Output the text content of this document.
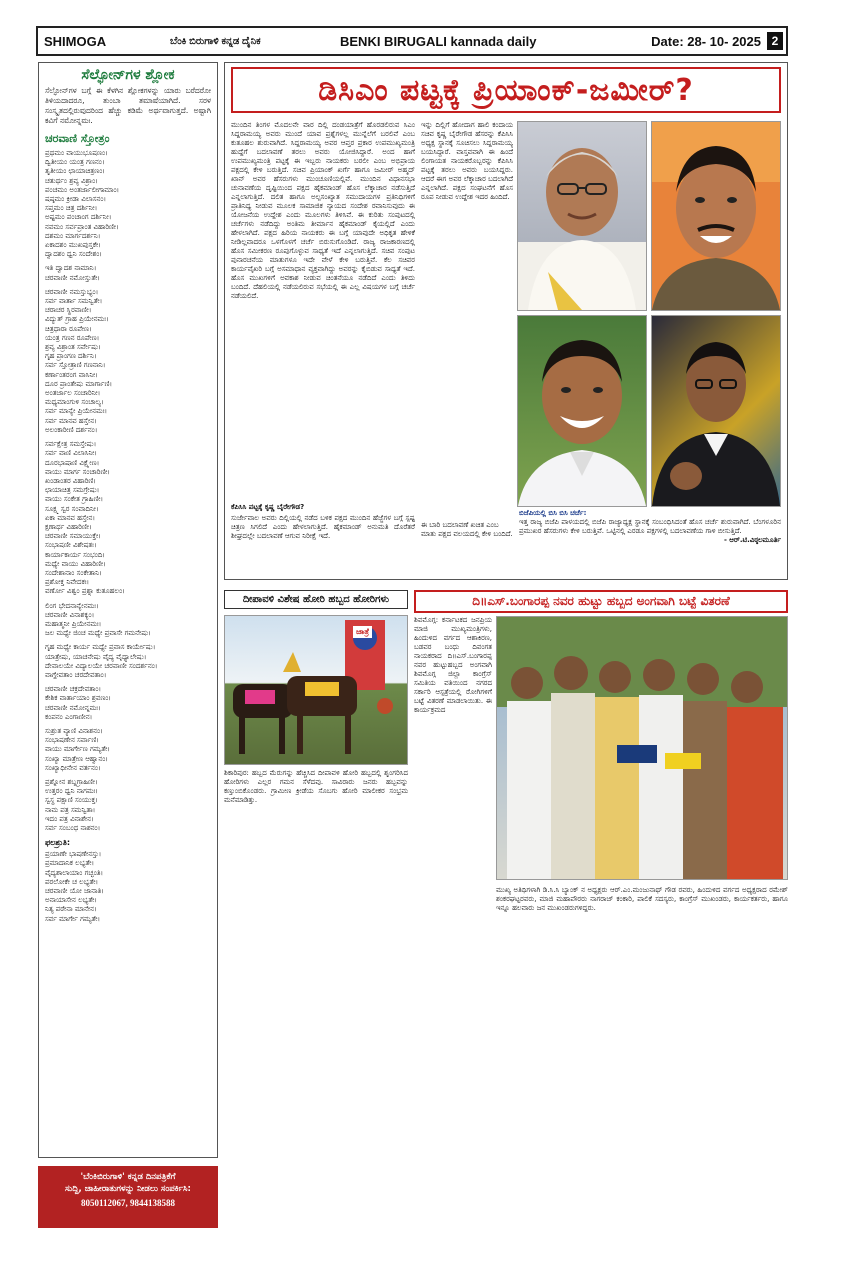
SHIMOGA	ಬೆಂಕಿ ಬಿರುಗಾಳಿ ಕನ್ನಡ ದೈನಿಕ	BENKI BIRUGALI kannada daily	Date: 28- 10- 2025 2
ಸೆಲ್ಫೋನ್‌ಗಳ ಶ್ಲೋಕ
ಸೆಲ್ಫೋನ್‌ಗಳ ಬಗ್ಗೆ ಈ ಕೆಳಗಿನ ಶ್ಲೋಕಗಳನ್ನು ಯಾರು ಬರೆದರೋ ತಿಳಿಯದಾದರೂ, ತುಂಬಾ ತಮಾಷೆಯಾಗಿದೆ. ಸರಳ ಸಂಸ್ಕೃತದಲ್ಲಿರುವುದರಿಂದ ಹೆಚ್ಚು ಕಡಿಮೆ ಅರ್ಥವಾಗುತ್ತದೆ. ಅಷ್ಟಾಗಿ ಕವಿಗೆ ನಮೋನ್ನಮಃ.
ಚರವಾಣಿ ಸ್ತೋತ್ರಂ
ಪ್ರಥಮಂ ವಾಯುಭೂಷಣಂ।
ದ್ವಿತೀಯಂ ಯಂತ್ರ ಗಣನಂ।
ತೃತೀಯಂ ಛಾಯಾಚಿತ್ರಣಂ।
ಚತುರ್ಥಂ ಶ್ರವ್ಯ ವಿಶ್ರಾಂ।
ಪಂಚಮಂ ಅಂತರ್ಜಾಲೀಗಾಮಾಂ।
ಷಷ್ಠಮಂ ಕ್ರೀಡಾ ವಿಲಾಸನಂ।
ಸಪ್ತಮಂ ಚಿತ್ರ ದರ್ಶಿನೀ।
ಅಷ್ಟಮಂ ಪಂಚಾಂಗ ದರ್ಶಿನೀ।
ನವಮಂ ಸರ್ವಪ್ರಾಂತ ವಿಹಾರಿಣೀ।
ದಶಮಂ ಮಾರ್ಗದರ್ಶನಿ।
ಏಕಾದಶಂ ಮುಖಪುಸ್ತಕೇ।
ದ್ವಾದಶಂ ಧ್ವನಿ ಸಂದೇಶಂ।
ಇತಿ ದ್ವಾದಶ ನಾಮಾನಿ।
ಚರವಾಣೀ ನಮೋಸ್ತುತೇ।
ಚರವಾಣೀ ನಮಸ್ತುಭ್ಯಂ।
ಸರ್ವ ವಾರ್ತಾ ಸಮನ್ವಿತೇ।
ಚರಾಚರ ಸ್ಥಿರವಾಣೀ।
ವಿದ್ಯುತ್ ಗ್ರಾಹ ಪ್ರಿಯೇನಮಃ।
ಚಿತ್ರಧಾರಾ ರೂಪೇಣ।
ಯಂತ್ರ ಗಣನ ರೂಪೇಣ।
ಶ್ರವ್ಯ ವಿಶ್ರಾಂತ ಸರ್ವೇಷು।
ಗೃಹ ಪ್ರಾಂಗಣ ದರ್ಶಿನಿ।
ಸರ್ವ ಸ್ತೋತ್ರಾಣಿ ಗಣನಾನಿ।
ಕರ್ಣಾಂತರಂಗ ವಾಸಿನೀ।
ದೂರ ಪ್ರಾಂತೇಷು ಮಾರ್ಗಾಣಿ।
ಅಂತರ್ಜಾಲ ಸಂಚಾರಿನೀ।
ಮಧ್ಯಮಾಂಗುಳಿ ಸಂಚಾಲ್ಯ।
ಸರ್ವ ಮಾನ್ಯೇ ಪ್ರಿಯೇನಮಃ।
ಸರ್ವ ಮಾನವ ಹಸ್ತೇನ।
ಅಲಂಕಾರೀಣಿ ದರ್ಶನಂ।
ಸರ್ವಕ್ಷೇತ್ರ ಸಮಸ್ತೇಷು।
ಸರ್ವ ವಾಣಿ ವಿಲಾಸಿನೀ।
ದೂರಭಾಷಾಣಿ ವಿಕ್ಷ್ಯೇಣ।
ವಾಯು ಮಾರ್ಗ ಸಂಚಾರಿಣೀ।
ಖಂಡಾಂತರ ವಿಹಾರಿಣಿ।
ಛಾಯಾಚಿತ್ರ ಸಮಗ್ರೇಷು।
ವಾಯು ಸಂಕೇತ ಗ್ರಾಹಿಣೀ।
ಸೂಕ್ಷ್ಮ ಸ್ವರ ಸಂವಾದಿನೀ।
ಏಕಾ ಮಾನವ ಹಸ್ತೇನ।
ಕ್ಷಣಾರ್ಥ ವಿಹಾರಿಣೀ।
ಚರವಾಣೀ ಸಮಾಯುಕ್ತೇ।
ಸಂಭಾಷಣೀ ವಿಶೇಷತಃ।
ಕಾರ್ಯಾಕಾರ್ಯ ಸಂಭಂದಿ।
ಮಧ್ಯೇ ವಾಯು ವಿಹಾರಿಣೀ।
ಸಂದೇಶಾನಾಂ ಸಂಕೇತಾನಿ।
ಪ್ರಶೋಕ್ತ ನಿವೇದಕಃ।
ವರ್ಣೋ ವಿಶ್ವಂ ಪ್ರಶ್ನಾ ಕುತೂಹಲಂ।
ಲಿಂಗ ಭೇದನಾನ್ಯೇನಮಃ।
ಚರವಾಣೀ ವಿನಾಶಕ್ಯಂ।
ಮಹಾತ್ಮನೀ ಪ್ರಿಯೇನಮಃ।
ಜಲ ಮಧ್ಯೇ ಜಿಂಚ ಮಧ್ಯೇ ಪ್ರವಾಸೇ ಗಮನೇಷು।
ಗೃಹ ಮಧ್ಯೇ ಕಾರ್ಯ ಮಧ್ಯೇ ಪ್ರವಾಸ ಕಾರ್ಯೇಷು।
ಯಾತ್ರೇಷು, ಯಾಚನೇಷು ವೈದ್ಯ ವೈಧ್ಯಾಲೇಷು।
ದೇವಾಲಯೇ ವಿದ್ಯಾಲಯೇ ಚರವಾಣೀ ಸಂದರ್ಶನಂ।
ವಾಗ್ದೇವತಾಂ ಚರದೇವತಾಂ।
ಚರವಾಣೀ ಚಕ್ರದೇವತಾಂ।
ಕೇಶಿಕ ವಾರ್ತಾಯಾಂ ಶ್ರವಣಂ।
ಚರವಾಣೀ ನಮೋನ್ನಮಃ।
ಕಂಪನಂ ಎಂಗಾಣೀನ।
ಸುಶ್ರುತ ವ್ಯಾಣಿ ವಿನಾಶನಂ।
ಸಂಭಾಷಣೇನ ಸರ್ವಾಣಿ।
ವಾಯು ಮಾರ್ಗೇಣ ಗಮ್ಯತೇ।
ಸಂಖ್ಯಾ ಮಾತ್ರೇಣ ಆಹ್ವಾನಂ।
ಸಂಖ್ಯಾಧೀನೇನ ವರ್ತನಂ।
ಪ್ರಶ್ನೋನ ಶಬ್ದಗ್ರಾಹಿಣೀ।
ಉತ್ತರಂ ಧ್ವನಿ ನಾಗಮಃ।
ಸ್ವಸ್ಥ ಪಕ್ಷಾಣಿ ಸಂಯುಕ್ತ।
ನಾಮ ಪತ್ರ ಸಮನ್ವಿತಾ।
ಇದಂ ಪತ್ರ ವಿನಾಶೇನ।
ಸರ್ವ ಸಂಬಂಧ ನಾಶನಂ।
ಫಲಶ್ರುತಿ:
ಪ್ರಯಾಣೇ ಭಾಷಣೇನಸ್ತು।
ಪ್ರಮಾದಾನಿಕ ಲಭ್ಯತೇ।
ವೈದ್ಯಶಾಲಾಯಾಂ ಗಚ್ಛಂತಿ।
ಪರಲೋಕೇ ಚ ಲಭ್ಯತೇ।
ಚರವಾಣೀ ಯೋ ಜಾನಾತಿ।
ಅನಾಯಾಸೇನ ಲಭ್ಯತೇ।
ನಿತ್ಯ ಪಠೇನಾ ಮಾನೇನ।
ಸರ್ವ ಮಾರ್ಗೇ ಗಮ್ಯತೇ।
'ಬೆಂಕಿಬಿರುಗಾಳಿ' ಕನ್ನಡ ದಿನಪತ್ರಿಕೆಗೆ
ಸುದ್ದಿ, ಜಾಹೀರಾತುಗಳನ್ನು ನೀಡಲು ಸಂಪರ್ಕಿಸಿ:
8050112067, 9844138588
ಡಿಸಿಎಂ ಪಟ್ಟಕ್ಕೆ ಪ್ರಿಯಾಂಕ್-ಜಮೀರ್?
ಮುಂದಿನ ತಿಂಗಳ ಮೊದಲನೇ ವಾರ ದಿಲ್ಲಿ ದಂಡಯಾತ್ರೆಗೆ ಹೊರಡಲಿರುವ ಸಿಎಂ ಸಿದ್ದರಾಮಯ್ಯ ಅವರು ಮುಂದೆ ಯಾವ ಪ್ರಶ್ನೆಗಳಲ್ಲ ಮುನ್ನೆಲೆಗೆ ಬರಲಿವೆ ಎಂಬ ಕುತೂಹಲ ಶುರುವಾಗಿದೆ. ಸಿದ್ದರಾಮಯ್ಯ ಅವರ ಆಪ್ತರ ಪ್ರಕಾರ ಉಪಮುಖ್ಯಮಂತ್ರಿ ಹುದ್ದೆಗೆ ಬದಲಾವಣೆ ತರಲು ಅವರು ಯೋಜಿಸಿದ್ದಾರೆ. ಅಂದ ಹಾಗೆ ಉಪಮುಖ್ಯಮಂತ್ರಿ ಪಟ್ಟಕ್ಕೆ ಈ ಇಬ್ಬರು ನಾಯಕರು ಬರಲೀ ಎಂಬ ಅಭಿಪ್ರಾಯ ಪಕ್ಷದಲ್ಲಿ ಕೇಳಿ ಬರುತ್ತಿದೆ. ಸಚಿವ ಪ್ರಿಯಾಂಕ್ ಖರ್ಗೆ ಹಾಗೂ ಜಮೀರ್ ಅಹ್ಮದ್ ಖಾನ್ ಅವರ ಹೆಸರುಗಳು ಮುಂಚೂಣಿಯಲ್ಲಿವೆ. ಮುಂದಿನ ವಿಧಾನಸಭಾ ಚುನಾವಣೆಯ ದೃಷ್ಟಿಯಿಂದ ಪಕ್ಷದ ಹೈಕಮಾಂಡ್ ಹೊಸ ಲೆಕ್ಕಾಚಾರ ನಡೆಸುತ್ತಿದೆ ಎನ್ನಲಾಗುತ್ತಿದೆ. ದಲಿತ ಹಾಗೂ ಅಲ್ಪಸಂಖ್ಯಾತ ಸಮುದಾಯಗಳ ಪ್ರತಿನಿಧಿಗಳಿಗೆ ಪ್ರಾತಿನಿಧ್ಯ ನೀಡುವ ಮೂಲಕ ಸಾಮಾಜಿಕ ನ್ಯಾಯದ ಸಂದೇಶ ರವಾನಿಸುವುದು ಈ ಯೋಜನೆಯ ಉದ್ದೇಶ ಎಂದು ಮೂಲಗಳು ತಿಳಿಸಿವೆ. ಈ ಕುರಿತು ಸಂಪುಟದಲ್ಲಿ ಚರ್ಚೆಗಳು ನಡೆದಿದ್ದು ಅಂತಿಮ ತೀರ್ಮಾನ ಹೈಕಮಾಂಡ್ ಕೈಯಲ್ಲಿದೆ ಎಂದು ಹೇಳಲಾಗಿದೆ. ಪಕ್ಷದ ಹಿರಿಯ ನಾಯಕರು ಈ ಬಗ್ಗೆ ಯಾವುದೇ ಅಧಿಕೃತ ಹೇಳಿಕೆ ನೀಡಿಲ್ಲವಾದರೂ ಒಳಗೊಳಗೆ ಚರ್ಚೆ ಬಿರುಸುಗೊಂಡಿದೆ. ರಾಜ್ಯ ರಾಜಕಾರಣದಲ್ಲಿ ಹೊಸ ಸಮೀಕರಣ ರೂಪುಗೊಳ್ಳುವ ಸಾಧ್ಯತೆ ಇದೆ ಎನ್ನಲಾಗುತ್ತಿದೆ. ಸಚಿವ ಸಂಪುಟ ಪುನಾರಚನೆಯ ಮಾತುಗಳೂ ಇದೇ ವೇಳೆ ಕೇಳಿ ಬರುತ್ತಿವೆ. ಕೆಲ ಸಚಿವರ ಕಾರ್ಯವೈಖರಿ ಬಗ್ಗೆ ಅಸಮಾಧಾನ ವ್ಯಕ್ತವಾಗಿದ್ದು ಅವರನ್ನು ಕೈಬಿಡುವ ಸಾಧ್ಯತೆ ಇದೆ. ಹೊಸ ಮುಖಗಳಿಗೆ ಅವಕಾಶ ನೀಡುವ ಚಿಂತನೆಯೂ ನಡೆದಿದೆ ಎಂದು ತಿಳಿದು ಬಂದಿದೆ. ದೆಹಲಿಯಲ್ಲಿ ನಡೆಯಲಿರುವ ಸಭೆಯಲ್ಲಿ ಈ ಎಲ್ಲ ವಿಷಯಗಳ ಬಗ್ಗೆ ಚರ್ಚೆ ನಡೆಯಲಿದೆ.
ಇನ್ನು ದಿಲ್ಲಿಗೆ ಹೋದಾಗ ಹಾಲಿ ಕಂದಾಯ ಸಚಿವ ಕೃಷ್ಣ ಬೈರೇಗೌಡ ಹೆಸರನ್ನು ಕೆಪಿಸಿಸಿ ಅಧ್ಯಕ್ಷ ಸ್ಥಾನಕ್ಕೆ ಸೂಚಿಸಲು ಸಿದ್ದರಾಮಯ್ಯ ಬಯಸಿದ್ದಾರೆ. ವಾಸ್ತವವಾಗಿ ಈ ಹಿಂದೆ ಲಿಂಗಾಯತ ನಾಯಕರೊಬ್ಬರನ್ನು ಕೆಪಿಸಿಸಿ ಪಟ್ಟಕ್ಕೆ ತರಲು ಅವರು ಬಯಸಿದ್ದರು. ಆದರೆ ಈಗ ಅವರ ಲೆಕ್ಕಾಚಾರ ಬದಲಾಗಿದೆ ಎನ್ನಲಾಗಿದೆ. ಪಕ್ಷದ ಸಂಘಟನೆಗೆ ಹೊಸ ರೂಪ ನೀಡುವ ಉದ್ದೇಶ ಇದರ ಹಿಂದಿದೆ.
ಕೆಪಿಸಿಸಿ ಪಟ್ಟಕ್ಕೆ ಕೃಷ್ಣ ಬೈರೇಗೌಡ?
ಸುರ್ಜೇವಾಲ ಅವರು ದಿಲ್ಲಿಯಲ್ಲಿ ನಡೆದ ಬಳಿಕ ಪಕ್ಷದ ಮುಂದಿನ ಹೆಜ್ಜೆಗಳ ಬಗ್ಗೆ ಸ್ಪಷ್ಟ ಚಿತ್ರಣ ಸಿಗಲಿದೆ ಎಂದು ಹೇಳಲಾಗುತ್ತಿದೆ. ಹೈಕಮಾಂಡ್ ಅನುಮತಿ ದೊರೆತರೆ ಶೀಘ್ರದಲ್ಲೇ ಬದಲಾವಣೆ ಆಗುವ ನಿರೀಕ್ಷೆ ಇದೆ.
ಈ ಬಾರಿ ಬದಲಾವಣೆ ಖಚಿತ ಎಂಬ ಮಾತು ಪಕ್ಷದ ವಲಯದಲ್ಲಿ ಕೇಳಿ ಬಂದಿದೆ.
ಬಿಜೆಪಿಯಲ್ಲಿ ಬಿಸಿ ಬಿಸಿ ಚರ್ಚೆ:
ಇತ್ತ ರಾಜ್ಯ ಬಿಜೆಪಿ ಪಾಳಯದಲ್ಲಿ ಬಿಜೆಪಿ ರಾಜ್ಯಾಧ್ಯಕ್ಷ ಸ್ಥಾನಕ್ಕೆ ಸಂಬಂಧಿಸಿದಂತೆ ಹೊಸ ಚರ್ಚೆ ಶುರುವಾಗಿದೆ. ಬೆಂಗಳೂರಿನ ಪ್ರಮುಖರ ಹೆಸರುಗಳು ಕೇಳಿ ಬರುತ್ತಿವೆ. ಒಟ್ಟಿನಲ್ಲಿ ಎರಡೂ ಪಕ್ಷಗಳಲ್ಲಿ ಬದಲಾವಣೆಯ ಗಾಳಿ ಬೀಸುತ್ತಿದೆ.
- ಆರ್.ಟಿ.ವಿಠ್ಠಲಮೂರ್ತಿ
ದೀಪಾವಳಿ ವಿಶೇಷ ಹೋರಿ ಹಬ್ಬದ ಹೋರಿಗಳು
ಜಾತ್ರೆ
ಶಿಕಾರಿಪುರ: ಹಬ್ಬದ ಮೆರುಗನ್ನು ಹೆಚ್ಚಿಸಿದ ದೀಪಾವಳಿ ಹೋರಿ ಹಬ್ಬದಲ್ಲಿ ಶೃಂಗರಿಸಿದ ಹೋರಿಗಳು ಎಲ್ಲರ ಗಮನ ಸೆಳೆದವು. ಸಾವಿರಾರು ಜನರು ಹಬ್ಬವನ್ನು ಕಣ್ತುಂಬಿಕೊಂಡರು. ಗ್ರಾಮೀಣ ಕ್ರೀಡೆಯ ಸೊಬಗು ಹೋರಿ ಮಾಲೀಕರ ಸಂಭ್ರಮ ಮನೆಮಾಡಿತ್ತು.
ದಿ॥ಎಸ್.ಬಂಗಾರಪ್ಪ ನವರ ಹುಟ್ಟು ಹಬ್ಬದ ಅಂಗವಾಗಿ ಬಟ್ಟೆ ವಿತರಣೆ
ಶಿವಮೊಗ್ಗ: ಕರ್ನಾಟಕದ ಜನಪ್ರಿಯ ಮಾಜಿ ಮುಖ್ಯಮಂತ್ರಿಗಳು, ಹಿಂದುಳಿದ ವರ್ಗದ ಆಶಾಕಿರಣ, ಬಡವರ ಬಂಧು ದಿವಂಗತ ನಾಯಕರಾದ ದಿ॥ಎಸ್.ಬಂಗಾರಪ್ಪ ನವರ ಹುಟ್ಟುಹಬ್ಬದ ಅಂಗವಾಗಿ ಶಿವಮೊಗ್ಗ ಜಿಲ್ಲಾ ಕಾಂಗ್ರೆಸ್ ಸಮಿತಿಯ ವತಿಯಿಂದ ನಗರದ ಸರ್ಕಾರಿ ಆಸ್ಪತ್ರೆಯಲ್ಲಿ ರೋಗಿಗಳಿಗೆ ಬಟ್ಟೆ ವಿತರಣೆ ಮಾಡಲಾಯಿತು. ಈ ಕಾರ್ಯಕ್ರಮದ
ಮುಖ್ಯ ಅತಿಥಿಗಳಾಗಿ ಡಿ.ಸಿ.ಸಿ ಬ್ಯಾಂಕ್ ನ ಅಧ್ಯಕ್ಷರು ಆರ್.ಎಂ.ಮಂಜುನಾಥ್ ಗೌಡ ರವರು, ಹಿಂದುಳಿದ ವರ್ಗದ ಅಧ್ಯಕ್ಷರಾದ ರಮೇಶ್ ಶಂಕರಘಟ್ಟರವರು, ಮಾಜಿ ಮಹಾಪೌರರು ನಾಗರಾಜ್ ಕಂಕಾರಿ, ಪಾಲಿಕೆ ಸದಸ್ಯರು, ಕಾಂಗ್ರೆಸ್ ಮುಖಂಡರು, ಕಾರ್ಯಕರ್ತರು, ಹಾಗೂ ಇನ್ನೂ ಹಲವಾರು ಜನ ಮುಖಂಡರುಗಳಿದ್ದರು.
